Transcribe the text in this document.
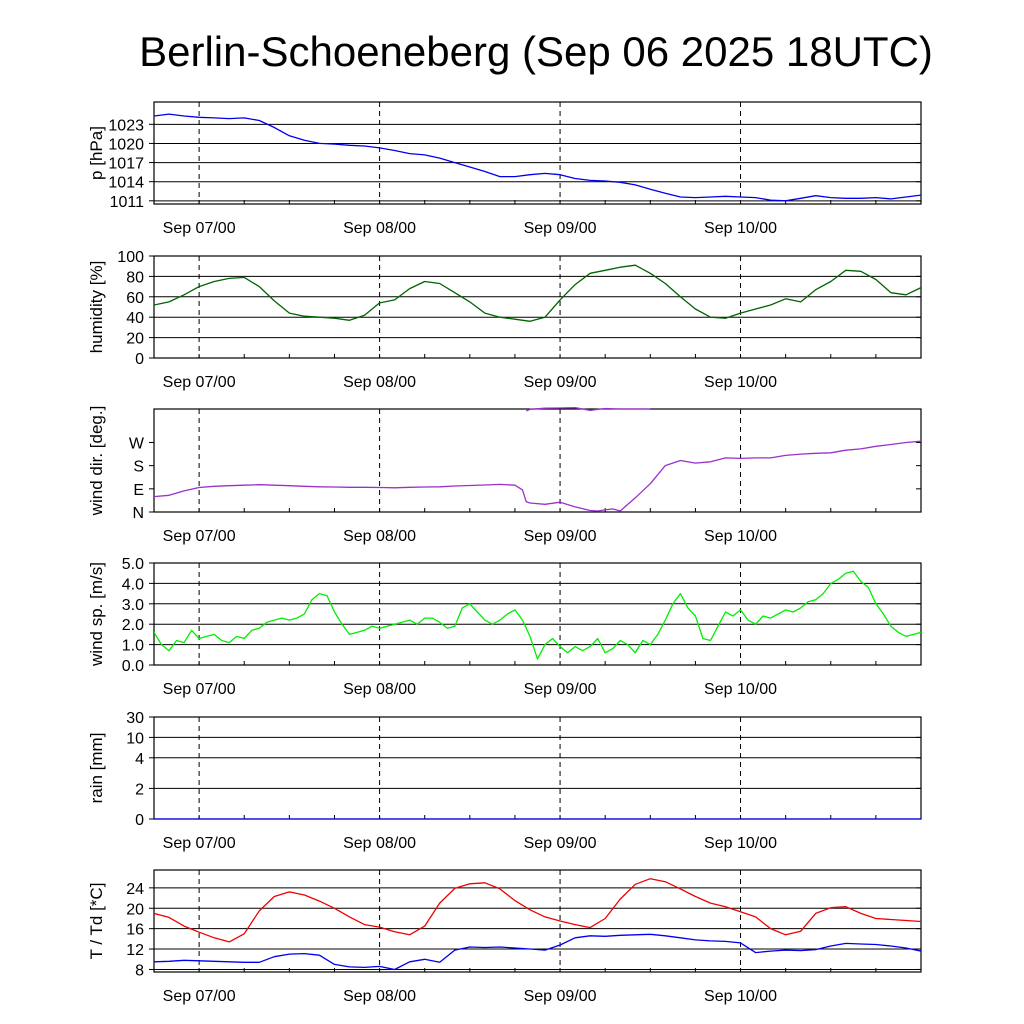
Berlin-Schoeneberg (Sep 06 2025 18UTC)
1011
1014
1017
1020
1023
Sep 07/00	Sep 08/00	Sep 09/00	Sep 10/00
p [hPa]
0
20
40
60
80
100
Sep 07/00	Sep 08/00	Sep 09/00	Sep 10/00
humidity [%]
N
E
S
W
Sep 07/00	Sep 08/00	Sep 09/00	Sep 10/00
wind dir. [deg.]
0.0
1.0
2.0
3.0
4.0
5.0
Sep 07/00	Sep 08/00	Sep 09/00	Sep 10/00
wind sp. [m/s]
0
2
4
10
30
Sep 07/00	Sep 08/00	Sep 09/00	Sep 10/00
rain [mm]
8
12
16
20
24
Sep 07/00	Sep 08/00	Sep 09/00	Sep 10/00
T / Td [*C]
